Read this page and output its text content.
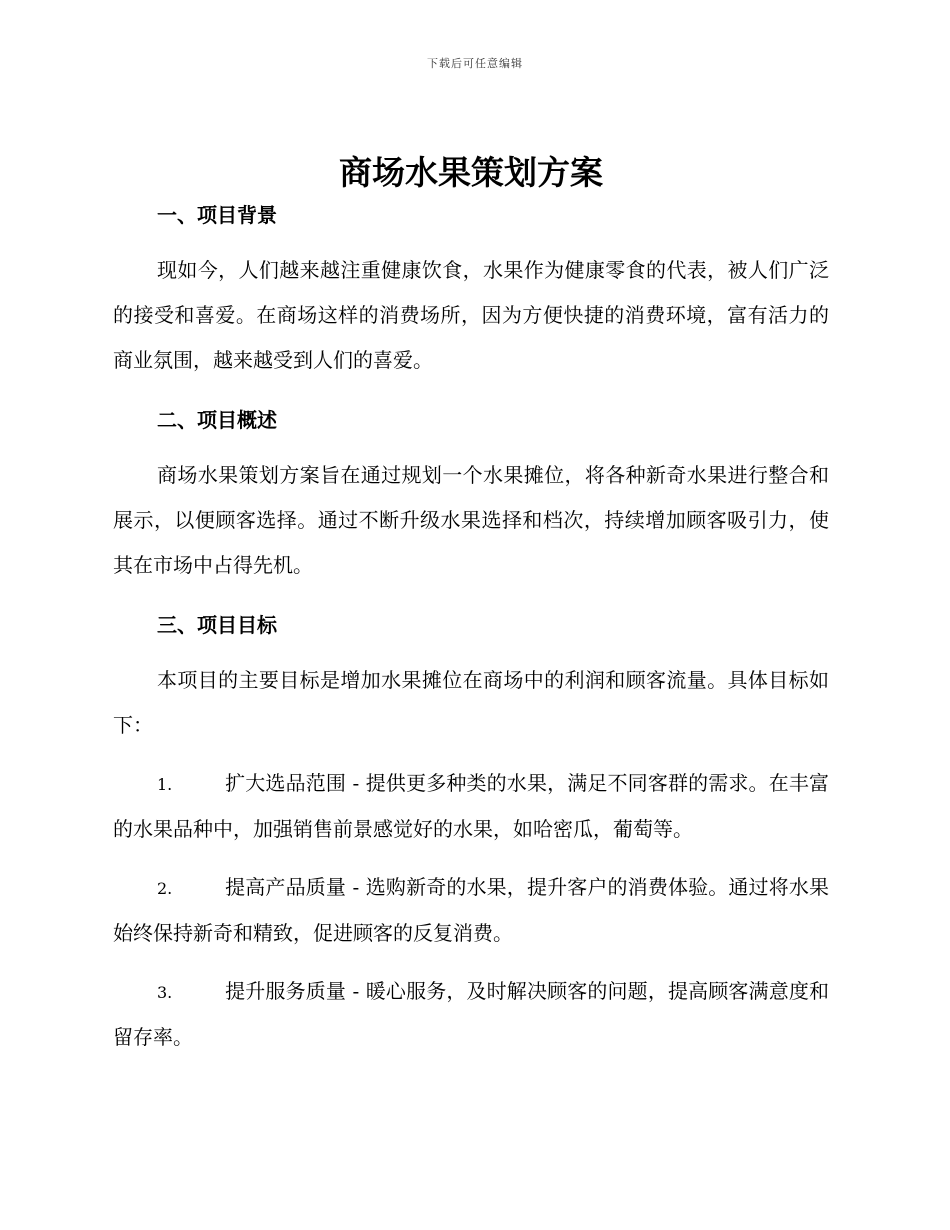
下载后可任意编辑
商场水果策划方案
一、项目背景

现如今，人们越来越注重健康饮食，水果作为健康零食的代表，被人们广泛的接受和喜爱。在商场这样的消费场所，因为方便快捷的消费环境，富有活力的商业氛围，越来越受到人们的喜爱。

二、项目概述

商场水果策划方案旨在通过规划一个水果摊位，将各种新奇水果进行整合和展示，以便顾客选择。通过不断升级水果选择和档次，持续增加顾客吸引力，使其在市场中占得先机。

三、项目目标

本项目的主要目标是增加水果摊位在商场中的利润和顾客流量。具体目标如下：

1.	扩大选品范围 - 提供更多种类的水果，满足不同客群的需求。在丰富的水果品种中，加强销售前景感觉好的水果，如哈密瓜，葡萄等。

2.	提高产品质量 - 选购新奇的水果，提升客户的消费体验。通过将水果始终保持新奇和精致，促进顾客的反复消费。

3.	提升服务质量 - 暖心服务，及时解决顾客的问题，提高顾客满意度和留存率。
